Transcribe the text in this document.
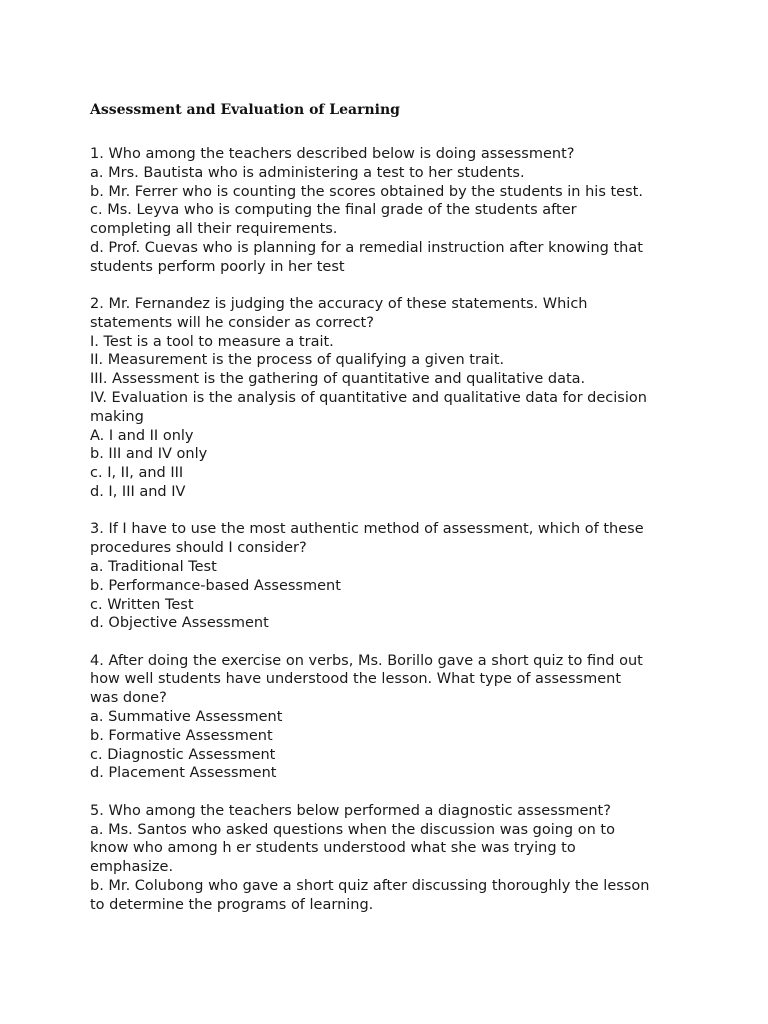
Assessment and Evaluation of Learning
1. Who among the teachers described below is doing assessment?
a. Mrs. Bautista who is administering a test to her students.
b. Mr. Ferrer who is counting the scores obtained by the students in his test.
c. Ms. Leyva who is computing the final grade of the students after
completing all their requirements.
d. Prof. Cuevas who is planning for a remedial instruction after knowing that
students perform poorly in her test
2. Mr. Fernandez is judging the accuracy of these statements. Which
statements will he consider as correct?
I. Test is a tool to measure a trait.
II. Measurement is the process of qualifying a given trait.
III. Assessment is the gathering of quantitative and qualitative data.
IV. Evaluation is the analysis of quantitative and qualitative data for decision
making
A. I and II only
b. III and IV only
c. I, II, and III
d. I, III and IV
3. If I have to use the most authentic method of assessment, which of these
procedures should I consider?
a. Traditional Test
b. Performance-based Assessment
c. Written Test
d. Objective Assessment
4. After doing the exercise on verbs, Ms. Borillo gave a short quiz to find out
how well students have understood the lesson. What type of assessment
was done?
a. Summative Assessment
b. Formative Assessment
c. Diagnostic Assessment
d. Placement Assessment
5. Who among the teachers below performed a diagnostic assessment?
a. Ms. Santos who asked questions when the discussion was going on to
know who among h er students understood what she was trying to
emphasize.
b. Mr. Colubong who gave a short quiz after discussing thoroughly the lesson
to determine the programs of learning.
